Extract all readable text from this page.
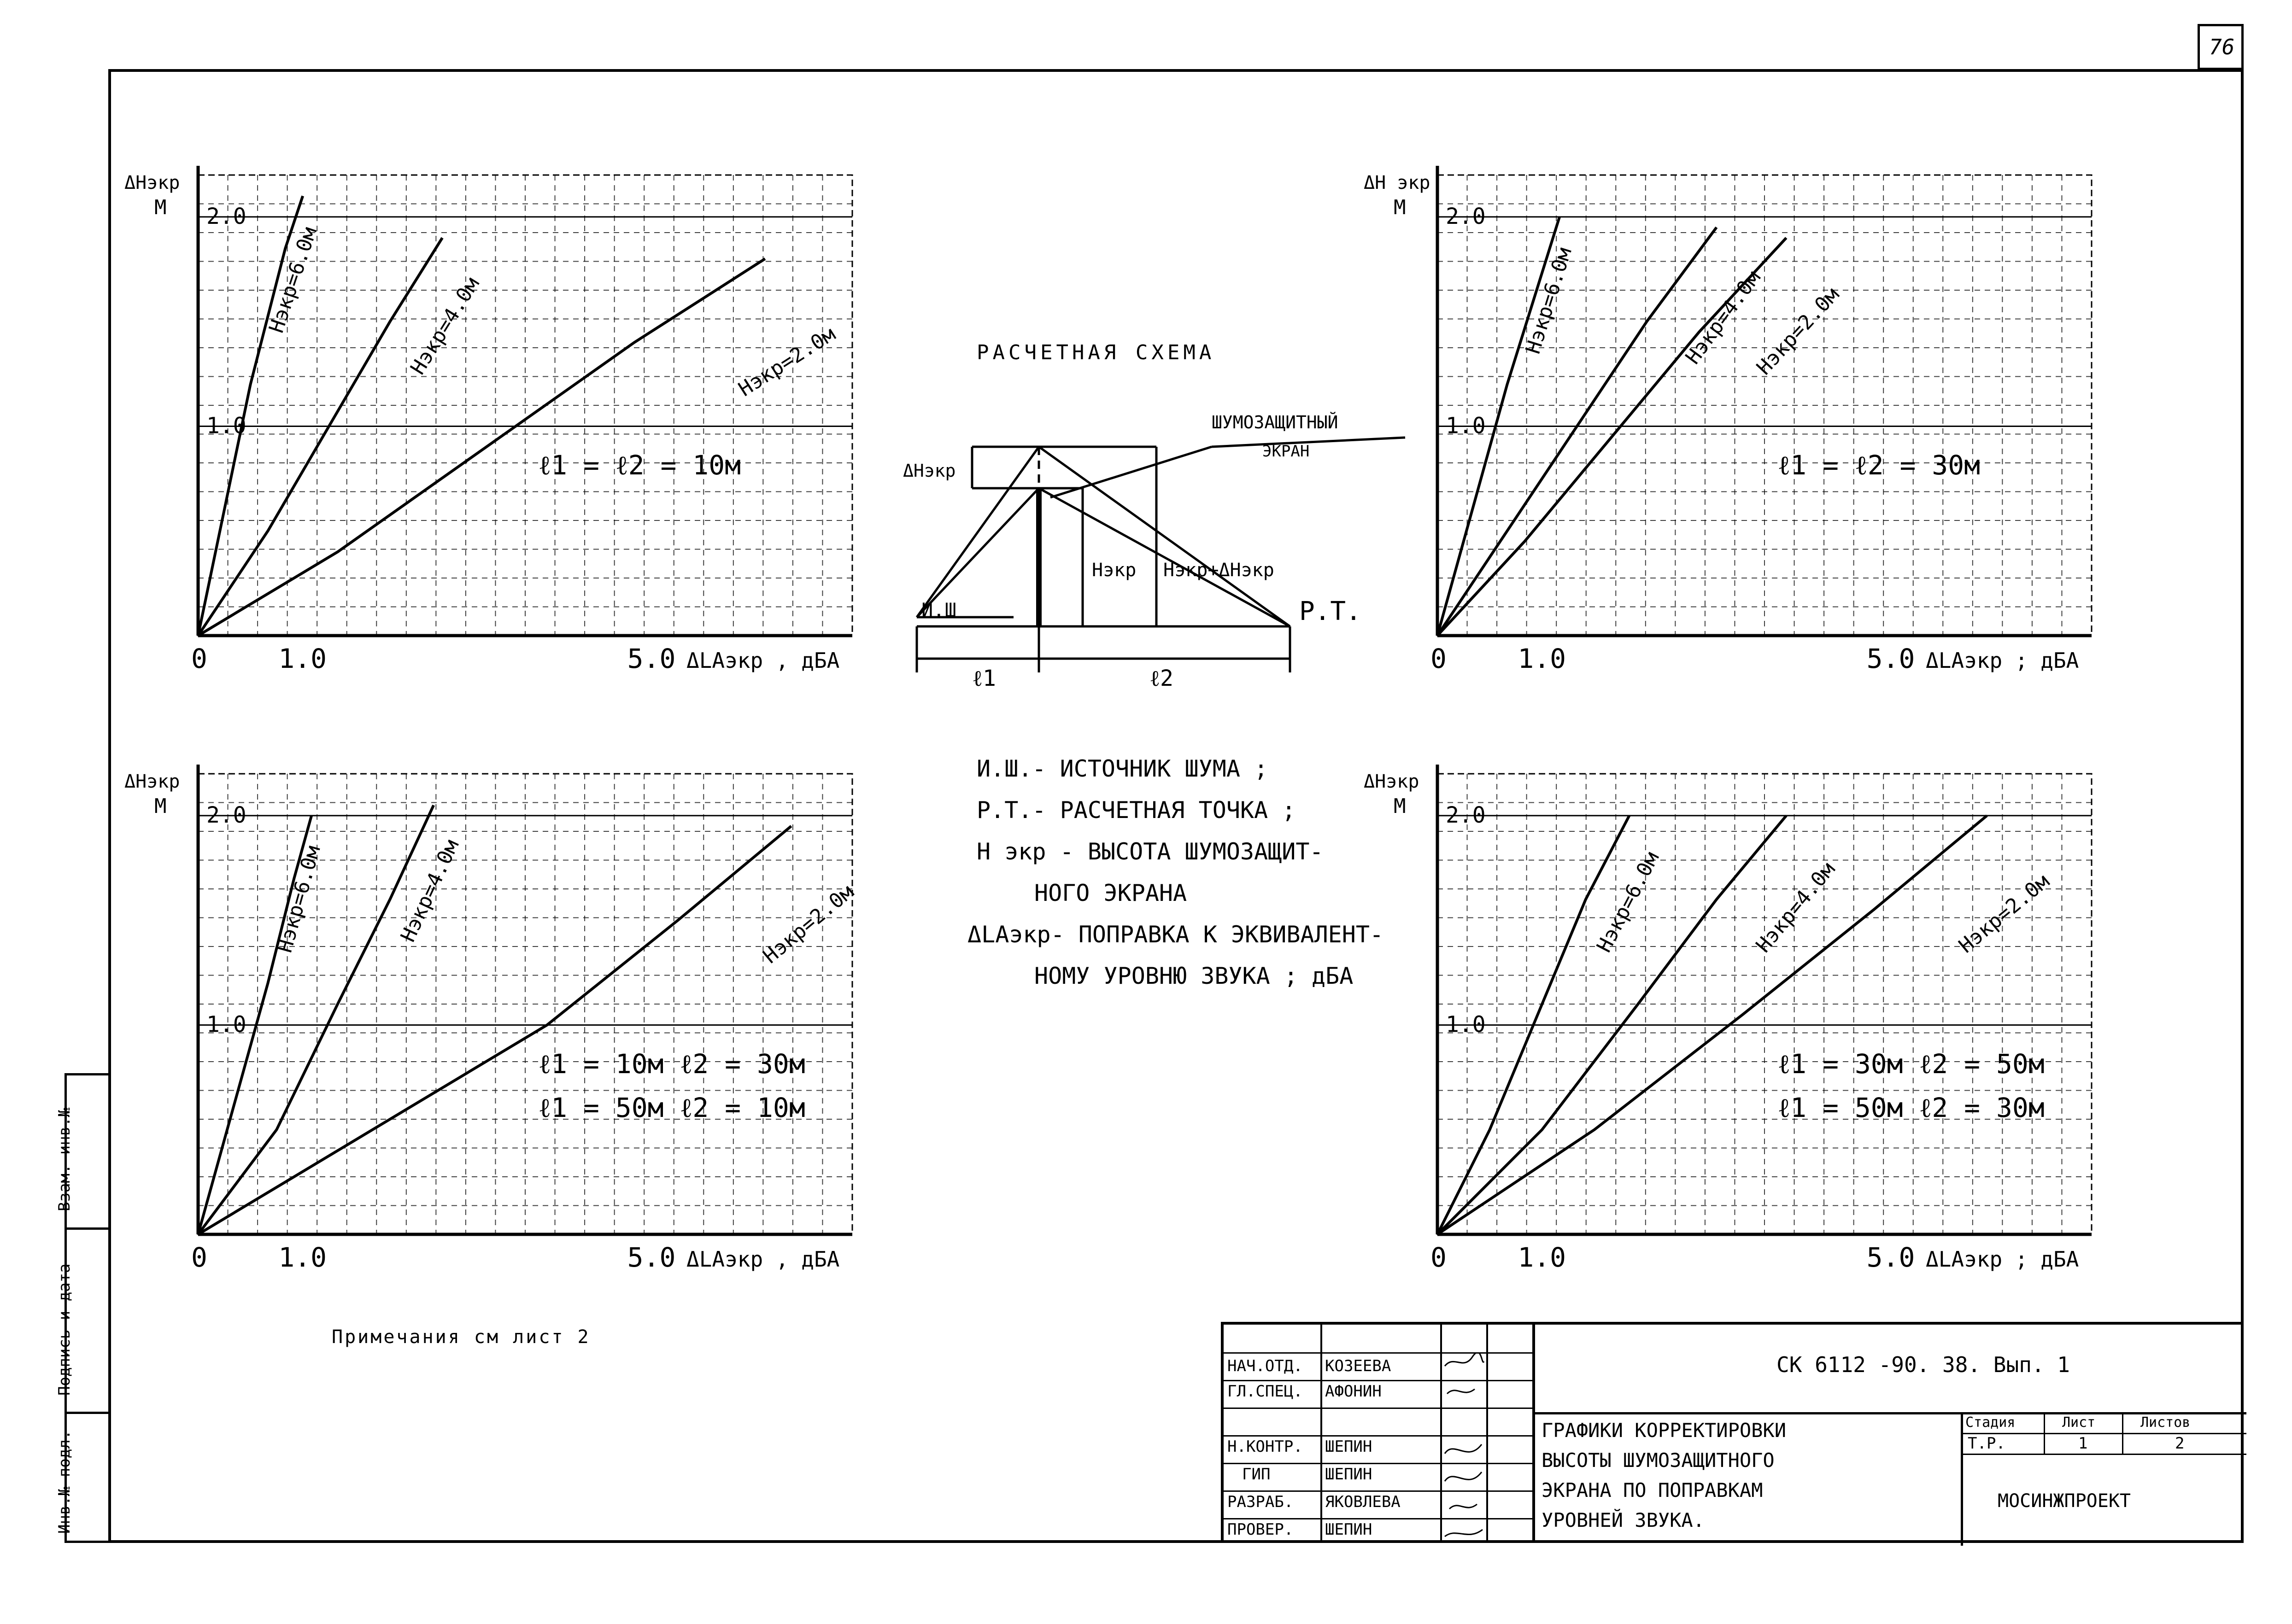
76
0	1.0	5.0
1.0
2.0
ΔHэкр
М
ΔLAэкр , дБА
Hэкр=6.0м	Hэкр=4.0м	Hэкр=2.0м
ℓ1 = ℓ2 = 10м
0	1.0	5.0
1.0
2.0
ΔH экр
М
ΔLAэкр ; дБА
Hэкр=6.0м	Hэкр=4.0м
Hэкр=2.0м
ℓ1 = ℓ2 = 30м
0	1.0	5.0
1.0
2.0
ΔHэкр
М
ΔLAэкр , дБА
Hэкр=6.0м	Hэкр=4.0м	Hэкр=2.0м
ℓ1 = 10м ℓ2 = 30м
ℓ1 = 50м ℓ2 = 10м
0	1.0	5.0
1.0
2.0
ΔHэкр
М
ΔLAэкр ; дБА
Hэкр=6.0м	Hэкр=4.0м	Hэкр=2.0м
ℓ1 = 30м ℓ2 = 50м
ℓ1 = 50м ℓ2 = 30м
РАСЧЕТНАЯ СХЕМА
ШУМОЗАЩИТНЫЙ
ЭКРАН
ΔHэкр
Hэкр Hэкр+ΔHэкр
И.Ш	P.T.
ℓ1	ℓ2
И.Ш.- ИСТОЧНИК ШУМА ;
Р.Т.- РАСЧЕТНАЯ ТОЧКА ;
Н экр - ВЫСОТА ШУМОЗАЩИТ-
НОГО ЭКРАНА
ΔLAэкр- ПОПРАВКА К ЭКВИВАЛЕНТ-
НОМУ УРОВНЮ ЗВУКА ; дБА
Примечания см лист 2
Инв.№ подл.
Подпись и дата
Взам. инв.№
НАЧ.ОТД. КОЗЕЕВА
ГЛ.СПЕЦ. АФОНИН
Н.КОНТР. ШЕПИН
ГИП	ШЕПИН
РАЗРАБ. ЯКОВЛЕВА
ПРОВЕР. ШЕПИН
СК 6112 -90. 38. Вып. 1
ГРАФИКИ КОРРЕКТИРОВКИ
ВЫСОТЫ ШУМОЗАЩИТНОГО
ЭКРАНА ПО ПОПРАВКАМ
УРОВНЕЙ ЗВУКА.
Стадия	Лист	Листов
Т.Р.	1	2
МОСИНЖПРОЕКТ
